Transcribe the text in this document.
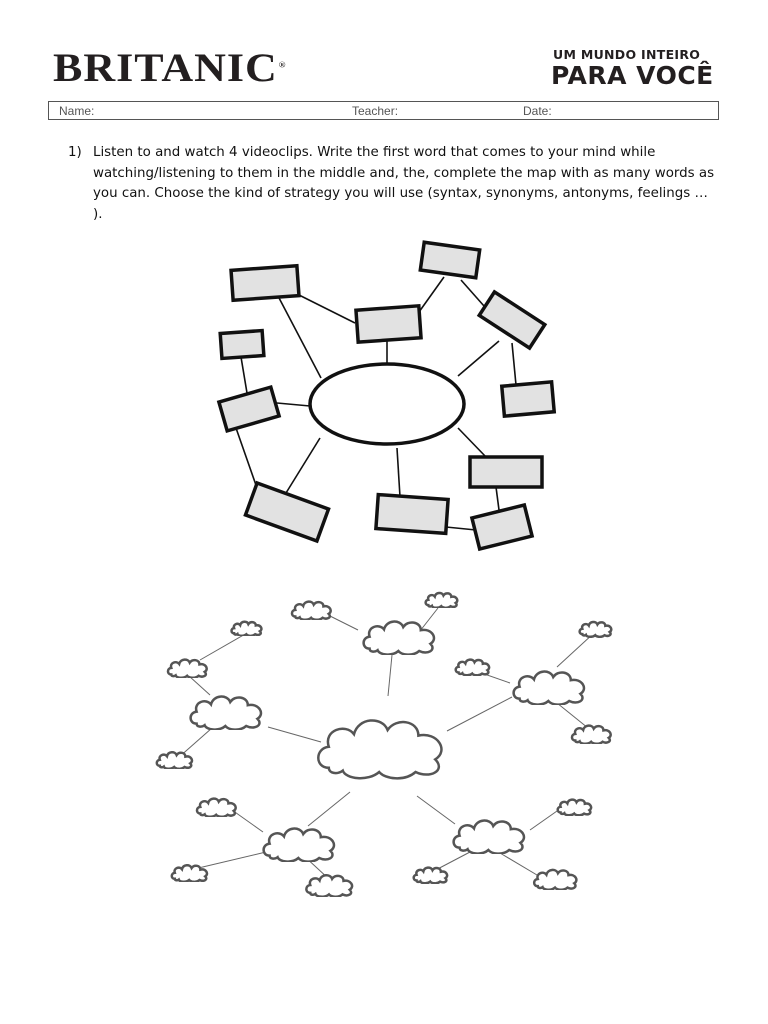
BRITANIC®
UM MUNDO INTEIRO
PARA VOCÊ
Name:	Teacher:	Date:
1) Listen to and watch 4 videoclips. Write the first word that comes to your mind while watching/listening to them in the middle and, the, complete the map with as many words as you can. Choose the kind of strategy you will use (syntax, synonyms, antonyms, feelings … ).
